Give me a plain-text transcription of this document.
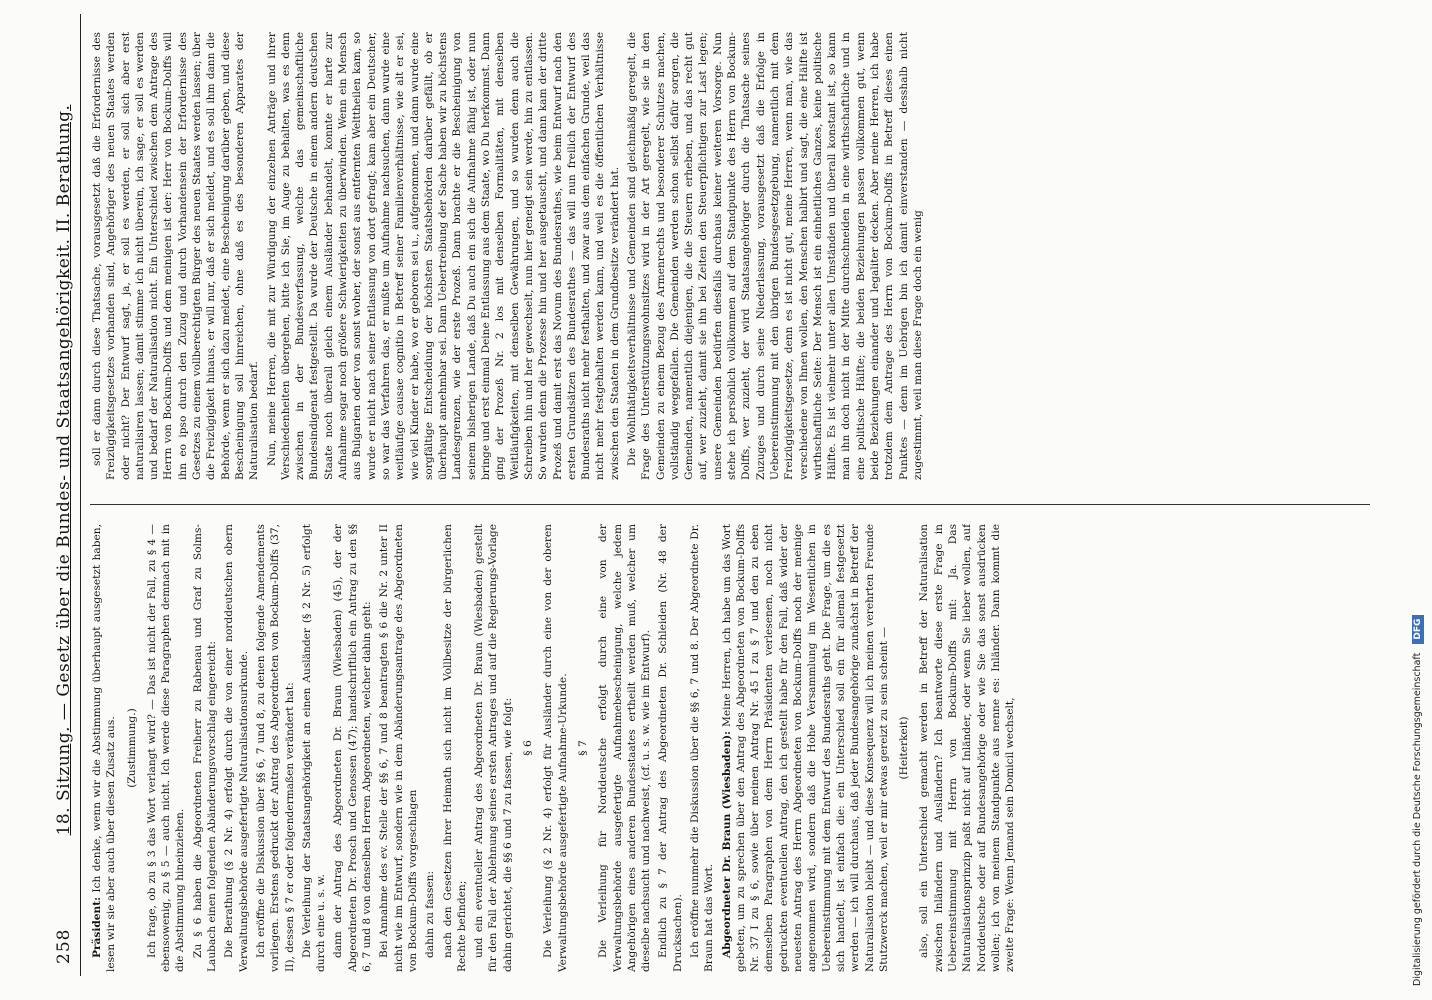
258
18. Sitzung. — Gesetz über die Bundes- und Staatsangehörigkeit. II. Berathung.

Präsident: Ich denke, wenn wir die Abstimmung überhaupt ausgesetzt haben, lesen wir sie aber auch über diesen Zusatz aus. (Zustimmung.) Ich frage, ob zu § 3 das Wort verlangt wird? — Das ist nicht der Fall, zu § 4 — ebensowenig, zu § 5 — auch nicht. Ich werde diese Paragraphen demnach mit in die Abstimmung hineinziehen. Zu § 6 haben die Abgeordneten Freiherr zu Rabenau und Graf zu Solms-Laubach einen folgenden Abänderungsvorschlag eingereicht: Die Berathung (§ 2 Nr. 4) erfolgt durch die von einer norddeutschen obern Verwaltungsbehörde ausgefertigte Naturalisationsurkunde. Ich eröffne die Diskussion über §§ 6, 7 und 8, zu denen folgende Amendements vorliegen. Erstens gedruckt der Antrag des Abgeordneten von Bockum-Dolffs (37, II), dessen § 7 er oder folgendermaßen verändert hat: Die Verleihung der Staatsangehörigkeit an einen Ausländer (§ 2 Nr. 5) erfolgt durch eine u. s. w. dann der Antrag des Abgeordneten Dr. Braun (Wiesbaden) (45), der der Abgeordneten Dr. Prosch und Genossen (47); handschriftlich ein Antrag zu den §§ 6, 7 und 8 von denselben Herren Abgeordneten, welcher dahin geht: Bei Annahme des ev. Stelle der §§ 6, 7 und 8 beantragten § 6 die Nr. 2 unter II nicht wie im Entwurf, sondern wie in dem Abänderungsantrage des Abgeordneten von Bockum-Dolffs vorgeschlagen dahin zu fassen: nach den Gesetzen ihrer Heimath sich nicht im Vollbesitze der bürgerlichen Rechte befinden; und ein eventueller Antrag des Abgeordneten Dr. Braun (Wiesbaden) gestellt für den Fall der Ablehnung seines ersten Antrages und auf die Regierungs-Vorlage dahin gerichtet, die §§ 6 und 7 zu fassen, wie folgt: § 6 Die Verleihung (§ 2 Nr. 4) erfolgt für Ausländer durch eine von der oberen Verwaltungsbehörde ausgefertigte Aufnahme-Urkunde. § 7 Die Verleihung für Norddeutsche erfolgt durch eine von der Verwaltungsbehörde ausgefertigte Aufnahmebescheinigung, welche jedem Angehörigen eines anderen Bundesstaates ertheilt werden muß, welcher um dieselbe nachsucht und nachweist, (cf. u. s. w. wie im Entwurf). Endlich zu § 7 der Antrag des Abgeordneten Dr. Schleiden (Nr. 48 der Drucksachen). Ich eröffne nunmehr die Diskussion über die §§ 6, 7 und 8. Der Abgeordnete Dr. Braun hat das Wort. Abgeordneter Dr. Braun (Wiesbaden): Meine Herren, ich habe um das Wort gebeten, um zu sprechen über den Antrag des Abgeordneten von Bockum-Dolffs Nr. 37 I zu § 6, sowie über meinen Antrag Nr. 45 I zu § 7 und den zu eben demselben Paragraphen von dem Herrn Präsidenten verlesenen, noch nicht gedruckten eventuellen Antrag, den ich gestellt habe für den Fall, daß wider der neuesten Antrag des Herrn Abgeordneten von Bockum-Dolffs noch der meinige angenommen wird, sondern daß die Hohe Versammlung im Wesentlichen in Uebereinstimmung mit dem Entwurf des Bundesraths geht. Die Frage, um die es sich handelt, ist einfach die: ein Unterschied soll ein für allemal festgesetzt werden — ich will durchaus, daß jeder Bundesangehörige zunächst in Betreff der Naturalisation bleibt — und diese Konsequenz will ich meinen verehrten Freunde Stutzwerck machen, weil er mir etwas gereizt zu sein scheint — (Heiterkeit) also, soll ein Unterschied gemacht werden in Betreff der Naturalisation zwischen Inländern und Ausländern? Ich beantworte diese erste Frage in Uebereinstimmung mit Herrn von Bockum-Dolffs mit: Ja. Das Naturalisationsprinzip paßt nicht auf Inländer, oder wenn Sie lieber wollen, auf Norddeutsche oder auf Bundesangehörige oder wie Sie das sonst ausdrücken wollen; ich von meinem Standpunkte aus nenne es: Inländer. Dann kommt die zweite Frage: Wenn Jemand sein Domicil wechselt,

soll er dann durch diese Thatsache, vorausgesetzt daß die Erfordernisse des Freizügigkeitsgesetzes vorhanden sind, Angehöriger des neuen Staates werden oder nicht? Der Entwurf sagt, ja, er soll es werden, er soll sich aber erst naturalisiren lassen; damit stimme ich nicht überein, ich sage, er soll es werden und bedarf der Naturalisation nicht. Ein Unterschied zwischen dem Antrage des Herrn von Bockum-Dolffs und dem meinigen ist der: Herr von Bockum-Dolffs will ihn eo ipso durch den Zuzug und durch Vorhandensein der Erfordernisse des Gesetzes zu einem vollberechtigten Bürger des neuen Staates werden lassen; über die Freizügigkeit hinaus, er will nur, daß er sich meldet, und es soll ihm dann die Behörde, wenn er sich dazu meldet, eine Bescheinigung darüber geben, und diese Bescheinigung soll hinreichen, ohne daß es des besonderen Apparates der Naturalisation bedarf. Nun, meine Herren, die mit zur Würdigung der einzelnen Anträge und ihrer Verschiedenheiten übergehen, bitte ich Sie, im Auge zu behalten, was es denn zwischen in der Bundesverfassung, welche das gemeinschaftliche Bundesindigenat festgestellt. Da wurde der Deutsche in einem andern deutschen Staate noch überall gleich einem Ausländer behandelt, konnte er harte zur Aufnahme sogar noch größere Schwierigkeiten zu überwinden. Wenn ein Mensch aus Bulgarien oder von sonst woher, der sonst aus entfernten Welttheilen kam, so wurde er nicht nach seiner Entlassung von dort gefragt; kam aber ein Deutscher, so war das Verfahren das, er mußte um Aufnahme nachsuchen, dann wurde eine weitläufige causae cognitio in Betreff seiner Familienverhältnisse, wie alt er sei, wie viel Kinder er habe, wo er geboren sei u., aufgenommen, und dann wurde eine sorgfältige Entscheidung der höchsten Staatsbehörden darüber gefällt, ob er überhaupt annehmbar sei. Dann Uebertreibung der Sache haben wir zu höchstens Landesgrenzen, wie der erste Prozeß. Dann brachte er die Bescheinigung von seinem bisherigen Lande, daß Du auch ein sich die Aufnahme fähig ist, oder nun bringe und erst einmal Deine Entlassung aus dem Staate, wo Du herkommst. Dann ging der Prozeß Nr. 2 los mit denselben Formalitäten, mit denselben Weitläufigkeiten, mit denselben Gewährungen, und so wurden denn auch die Schreiben hin und her gewechselt, nun hier geneigt sein werde, hin zu entlassen. So wurden denn die Prozesse hin und her ausgetauscht, und dann kam der dritte Prozeß und damit erst das Novum des Bundesrathes, wie beim Entwurf nach den ersten Grundsätzen des Bundesrathes — das will nun freilich der Entwurf des Bundesraths nicht mehr festhalten, und zwar aus dem einfachen Grunde, weil das nicht mehr festgehalten werden kann, und weil es die öffentlichen Verhältnisse zwischen den Staaten in dem Grundbesitze verändert hat. Die Wohlthätigkeitsverhältnisse und Gemeinden sind gleichmäßig geregelt, die Frage des Unterstützungswohnsitzes wird in der Art geregelt, wie sie in den Gemeinden zu einem Bezug des Armenrechts und besonderer Schutzes machen, vollständig weggefallen. Die Gemeinden werden schon selbst dafür sorgen, die Gemeinden, namentlich diejenigen, die die Steuern erheben, und das recht gut auf, wer zuzieht, damit sie ihn bei Zeiten den Steuerpflichtigen zur Last legen; unsere Gemeinden bedürfen diesfalls durchaus keiner weiteren Vorsorge. Nun stehe ich persönlich vollkommen auf dem Standpunkte des Herrn von Bockum-Dolffs, wer zuzieht, der wird Staatsangehöriger durch die Thatsache seines Zuzuges und durch seine Niederlassung, vorausgesetzt daß die Erfolge in Uebereinstimmung mit den übrigen Bundesgesetzgebung, namentlich mit dem Freizügigkeitsgesetze, denn es ist nicht gut, meine Herren, wenn man, wie das verschiedene von Ihnen wollen, den Menschen halbirt und sagt, die eine Hälfte ist wirthschaftliche Seite: Der Mensch ist ein einheitliches Ganzes, keine politische Hälfte. Es ist vielmehr unter allen Umständen und überall konstant ist, so kann man ihn doch nicht in der Mitte durchschneiden in eine wirthschaftliche und in eine politische Hälfte; die beiden Beziehungen passen vollkommen gut, wenn beide Beziehungen einander und legaliter decken. Aber meine Herren, ich habe trotzdem dem Antrage des Herrn von Bockum-Dolffs in Betreff dieses einen Punktes — denn im Uebrigen bin ich damit einverstanden — desshalb nicht zugestimmt, weil man diese Frage doch ein wenig

Digitalisierung gefördert durch die Deutsche Forschungsgemeinschaft DFG
